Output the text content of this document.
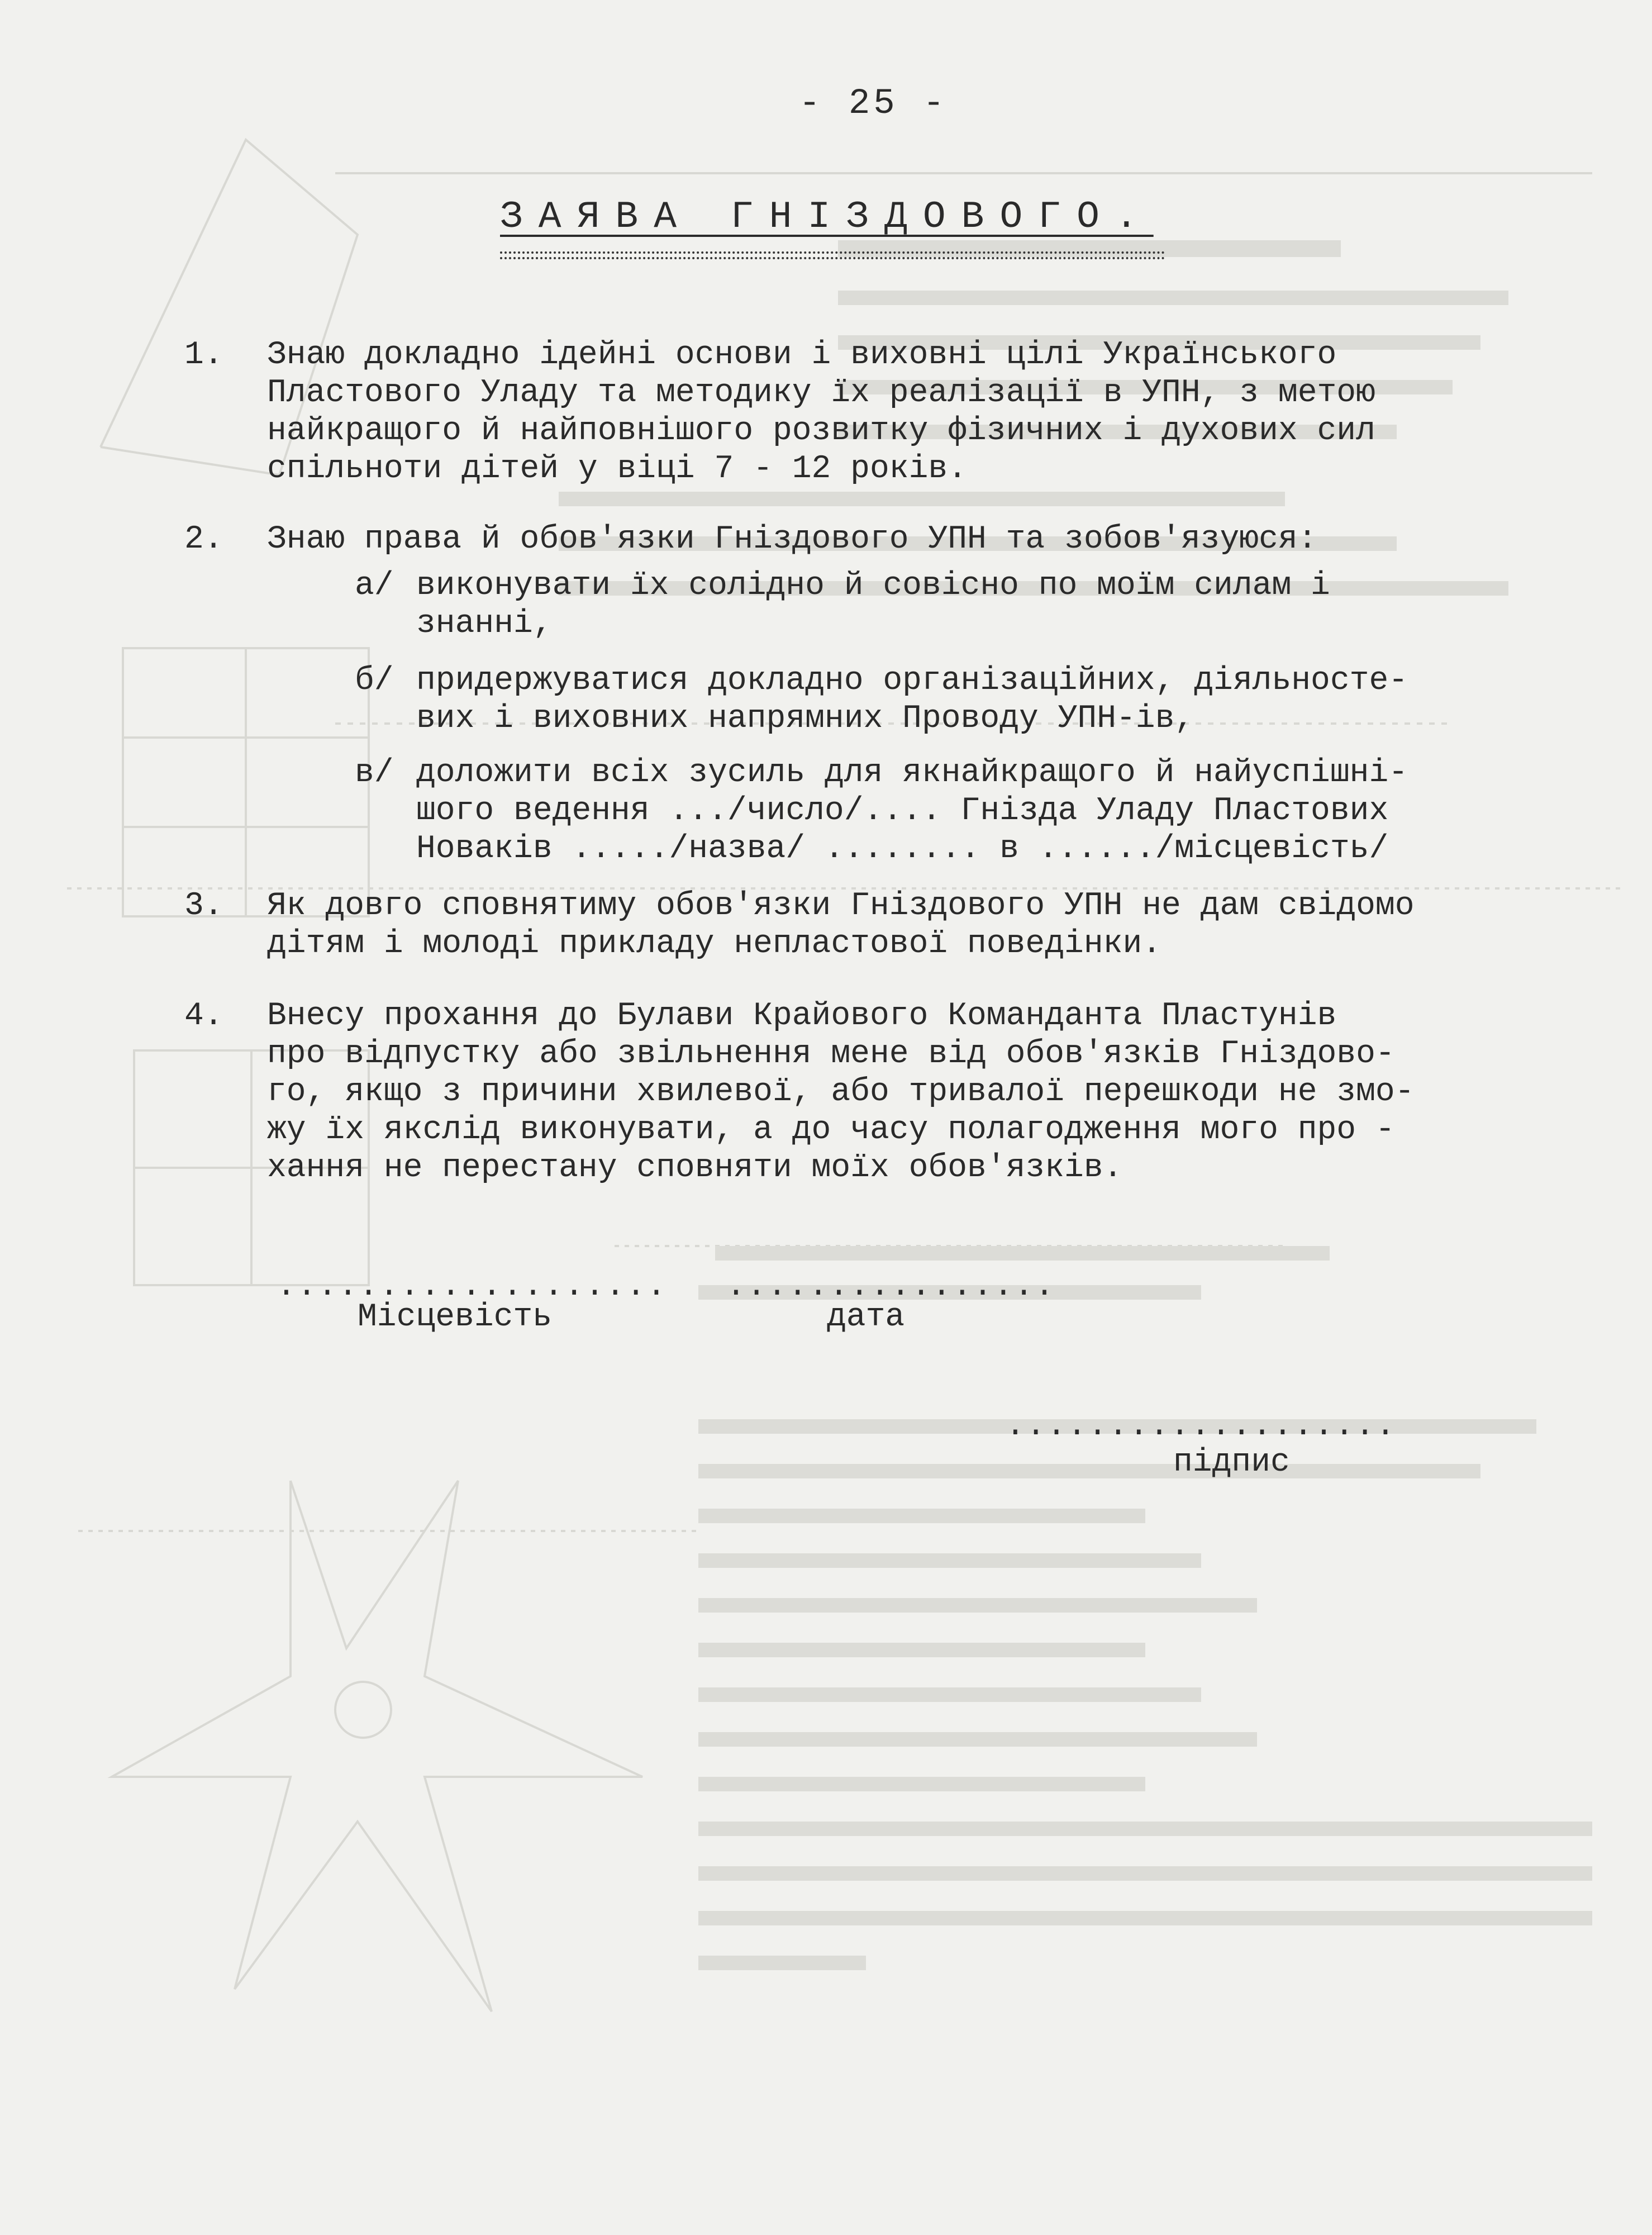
- 25 -
ЗАЯВА ГНІЗДОВОГО.
1. Знаю докладно ідейні основи і виховні цілі Українського
Пластового Уладу та методику їх реалізації в УПН, з метою
найкращого й найповнішого розвитку фізичних і духових сил
спільноти дітей у віці 7 - 12 років.
2. Знаю права й обов'язки Гніздового УПН та зобов'язуюся:
а/ виконувати їх солідно й совісно по моїм силам і
знанні,
б/ придержуватися докладно організаційних, діяльносте-
вих і виховних напрямних Проводу УПН-ів,
в/ доложити всіх зусиль для якнайкращого й найуспішні-
шого ведення .../число/.... Гнізда Уладу Пластових
Новаків ...../назва/ ........ в ....../місцевість/
3. Як довго сповнятиму обов'язки Гніздового УПН не дам свідомо
дітям і молоді прикладу непластової поведінки.
4. Внесу прохання до Булави Крайового Команданта Пластунів
про відпустку або звільнення мене від обов'язків Гніздово-
го, якщо з причини хвилевої, або тривалої перешкоди не змо-
жу їх якслід виконувати, а до часу полагодження мого про -
хання не перестану сповняти моїх обов'язків.
...................
Місцевість
................
дата
...................
підпис
